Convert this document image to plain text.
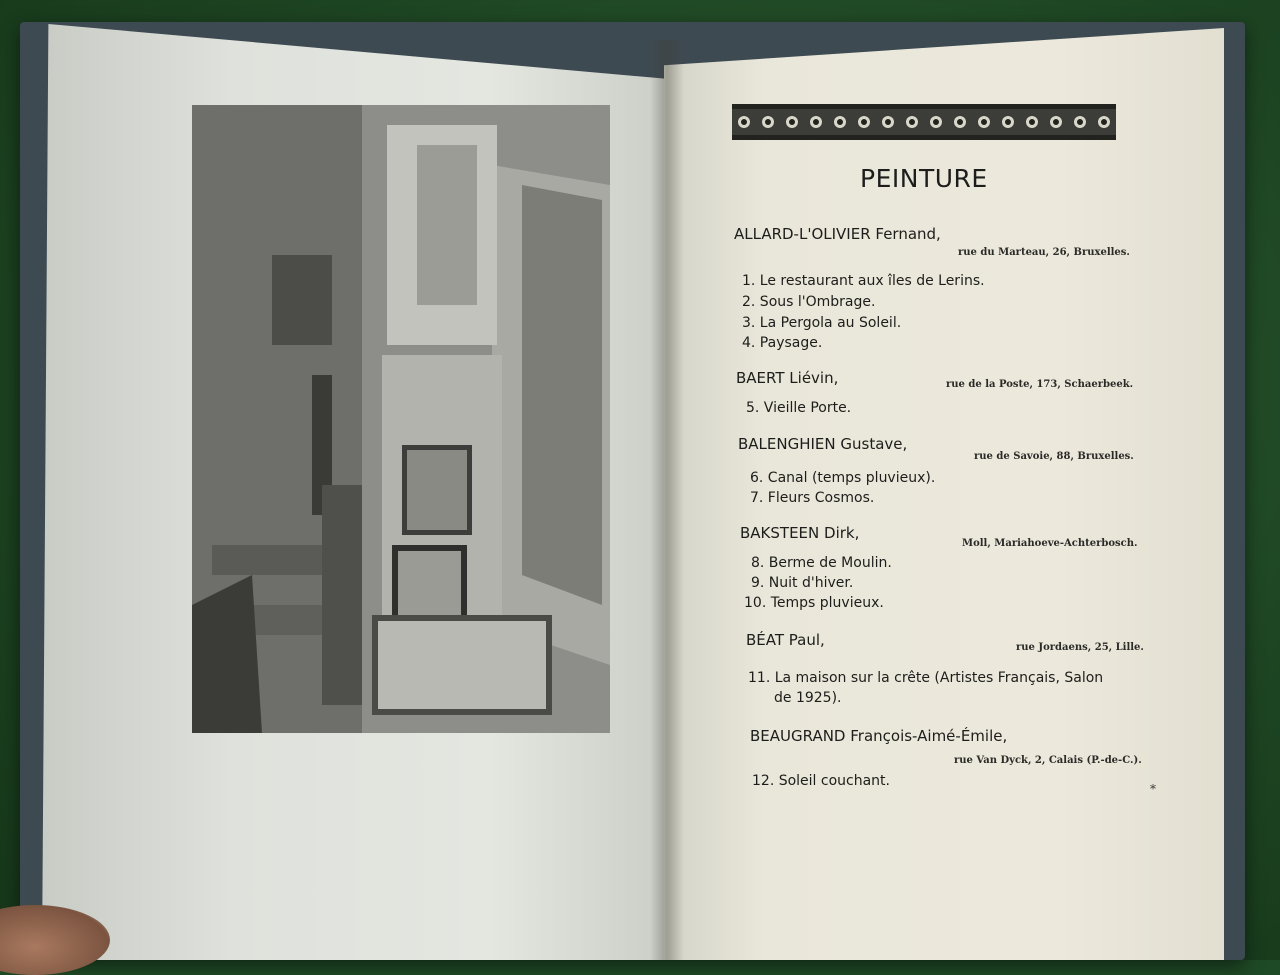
PEINTURE
ALLARD-L'OLIVIER Fernand,
rue du Marteau, 26, Bruxelles.
1. Le restaurant aux îles de Lerins.
2. Sous l'Ombrage.
3. La Pergola au Soleil.
4. Paysage.
BAERT Liévin,	rue de la Poste, 173, Schaerbeek.
5. Vieille Porte.
BALENGHIEN Gustave,
rue de Savoie, 88, Bruxelles.
6. Canal (temps pluvieux).
7. Fleurs Cosmos.
BAKSTEEN Dirk,
Moll, Mariahoeve-Achterbosch.
8. Berme de Moulin.
9. Nuit d'hiver.
10. Temps pluvieux.
BÉAT Paul,	rue Jordaens, 25, Lille.
11. La maison sur la crête (Artistes Français, Salon
de 1925).
BEAUGRAND François-Aimé-Émile,
rue Van Dyck, 2, Calais (P.-de-C.).
12. Soleil couchant.	*
